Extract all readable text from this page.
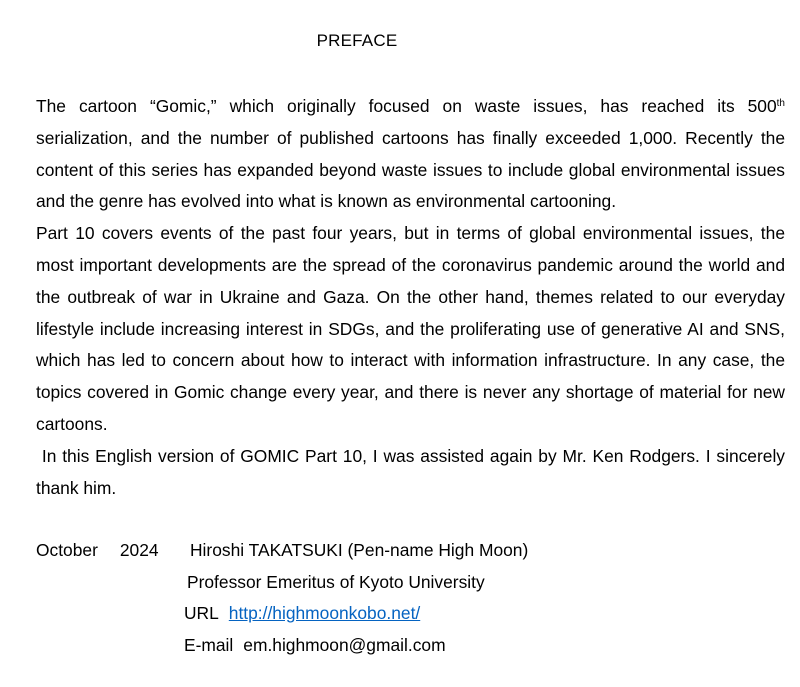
PREFACE

The cartoon “Gomic,” which originally focused on waste issues, has reached its 500th serialization, and the number of published cartoons has finally exceeded 1,000. Recently the content of this series has expanded beyond waste issues to include global environmental issues and the genre has evolved into what is known as environmental cartooning.

Part 10 covers events of the past four years, but in terms of global environmental issues, the most important developments are the spread of the coronavirus pandemic around the world and the outbreak of war in Ukraine and Gaza. On the other hand, themes related to our everyday lifestyle include increasing interest in SDGs, and the proliferating use of generative AI and SNS, which has led to concern about how to interact with information infrastructure. In any case, the topics covered in Gomic change every year, and there is never any shortage of material for new cartoons.

In this English version of GOMIC Part 10, I was assisted again by Mr. Ken Rodgers. I sincerely thank him.

October 2024 Hiroshi TAKATSUKI (Pen-name High Moon)
Professor Emeritus of Kyoto University
URL http://highmoonkobo.net/
E-mail em.highmoon@gmail.com
